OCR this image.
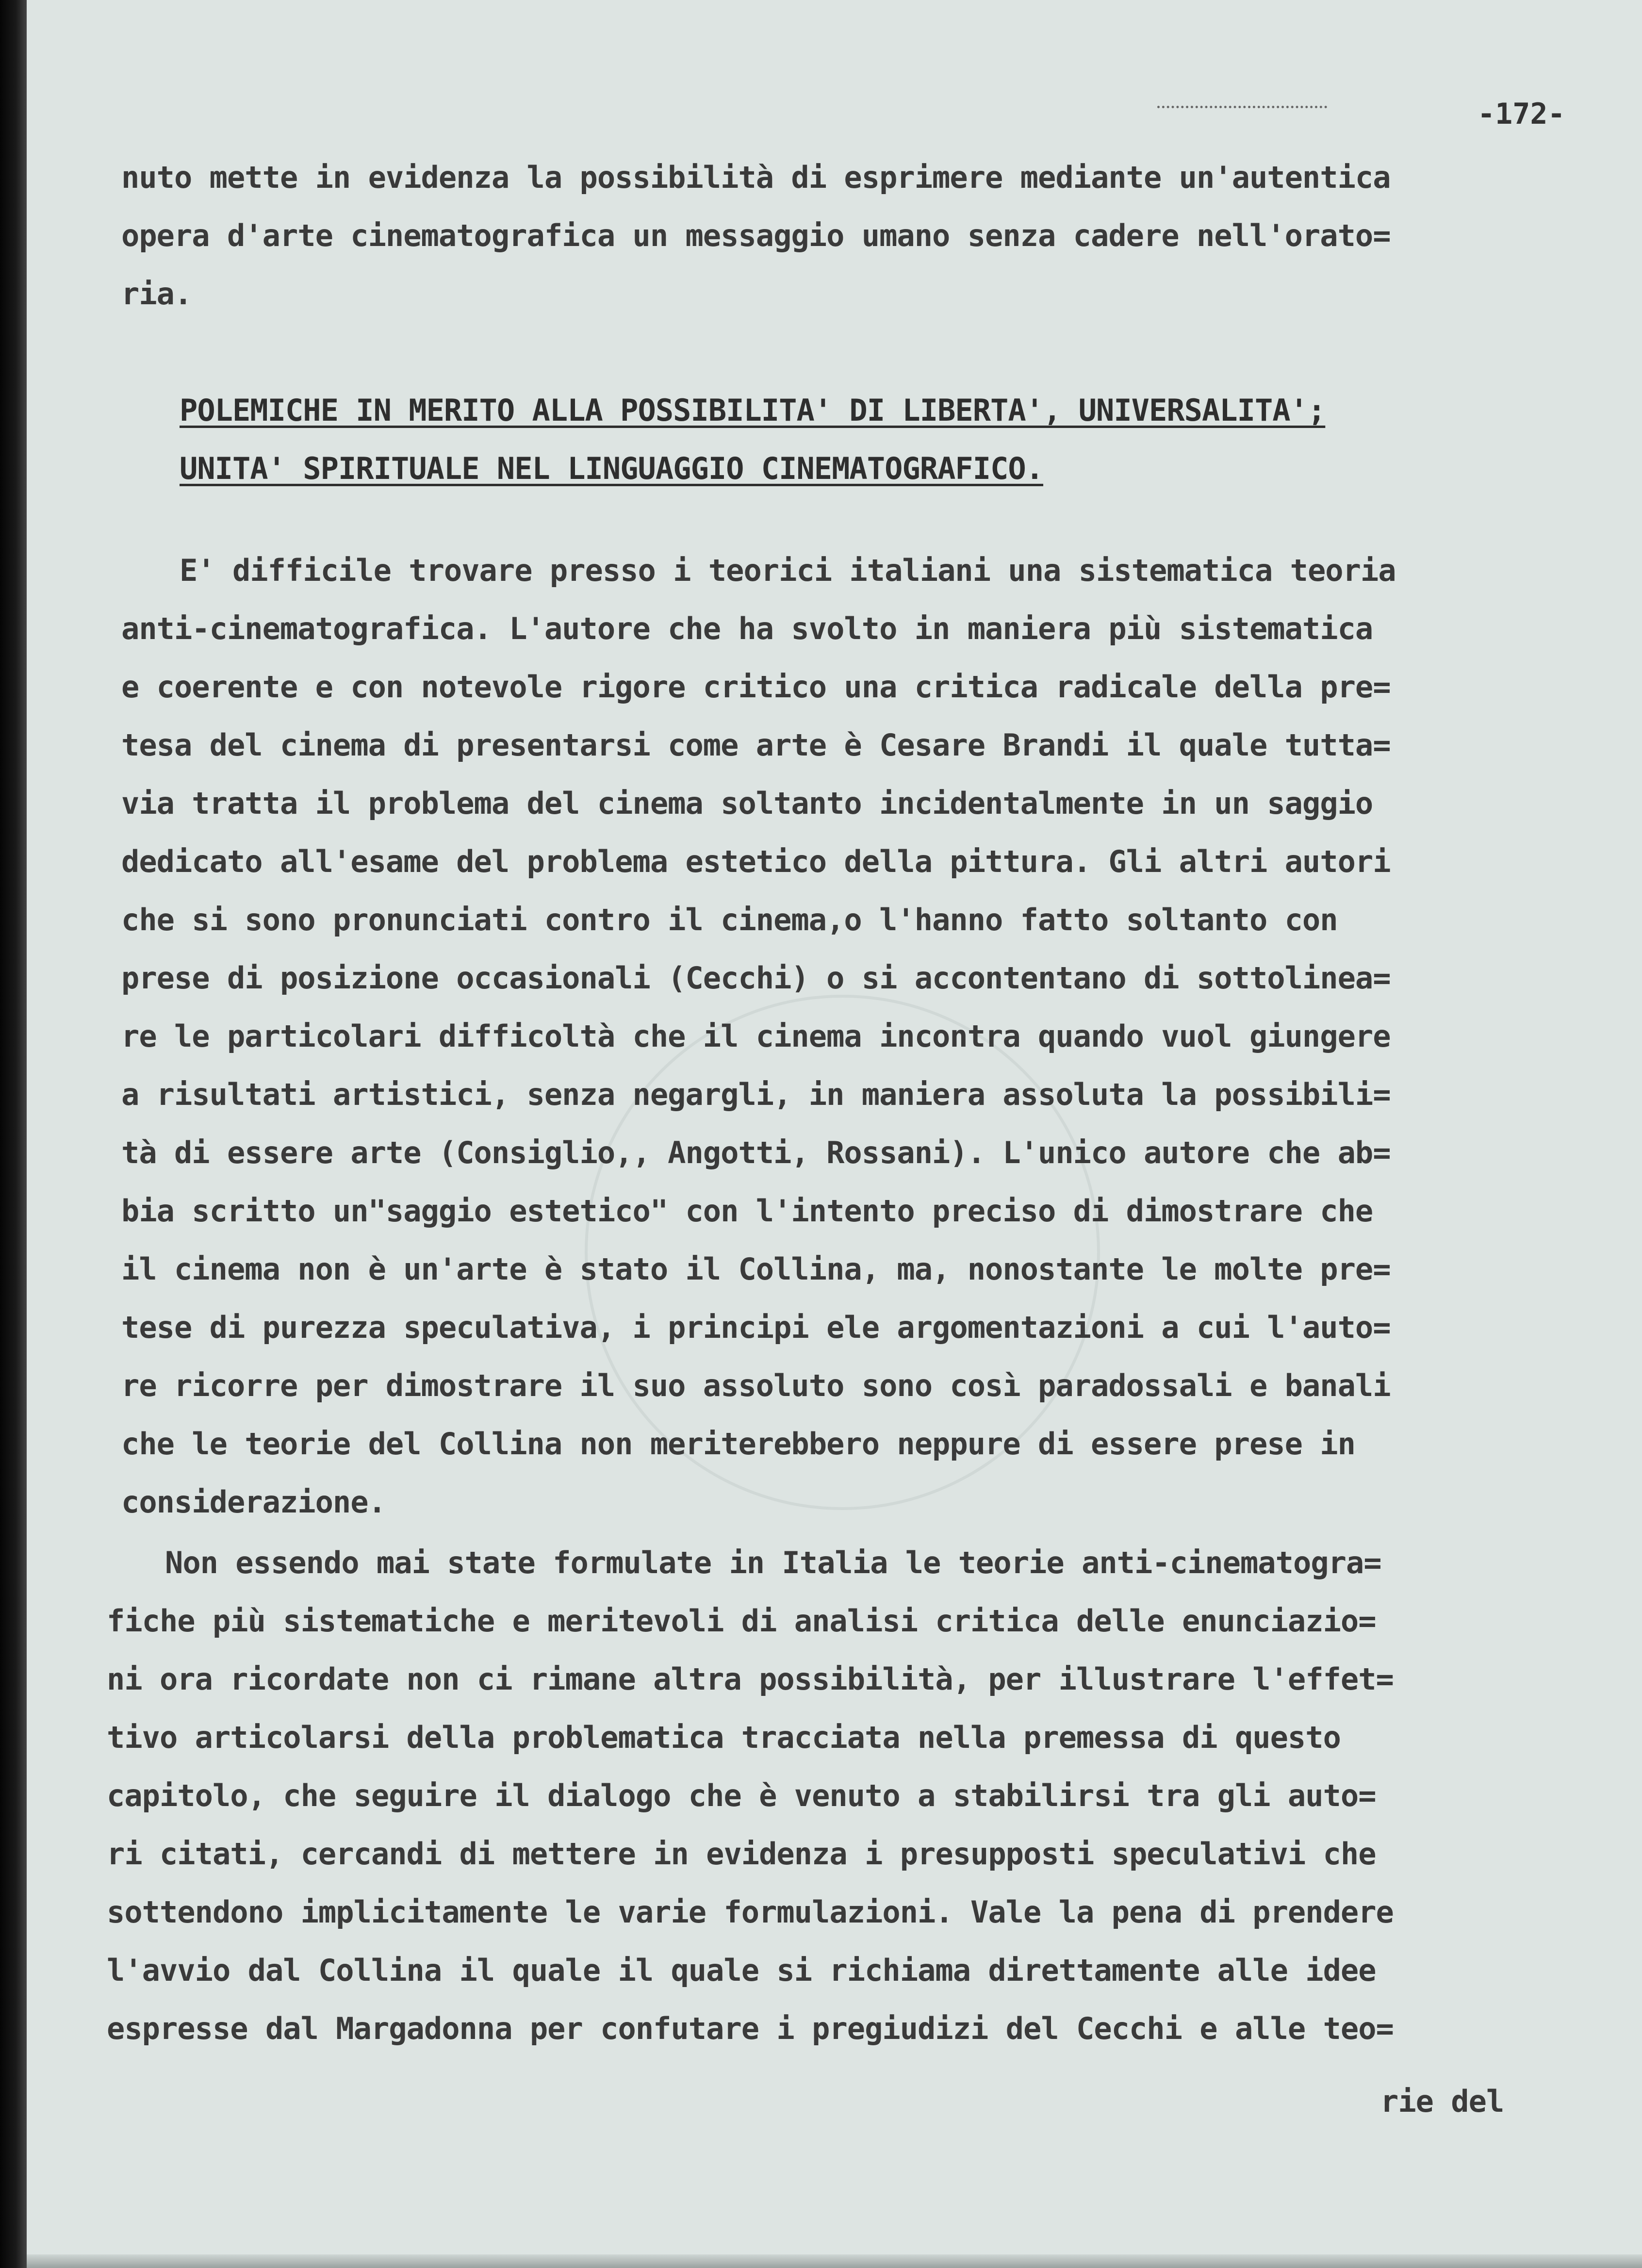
-172-

nuto mette in evidenza la possibilità di esprimere mediante un'autentica

opera d'arte cinematografica un messaggio umano senza cadere nell'orato=

ria.

POLEMICHE IN MERITO ALLA POSSIBILITA' DI LIBERTA', UNIVERSALITA';

UNITA' SPIRITUALE NEL LINGUAGGIO CINEMATOGRAFICO.

E' difficile trovare presso i teorici italiani una sistematica teoria

anti-cinematografica. L'autore che ha svolto in maniera più sistematica

e coerente e con notevole rigore critico una critica radicale della pre=

tesa del cinema di presentarsi come arte è Cesare Brandi il quale tutta=

via tratta il problema del cinema soltanto incidentalmente in un saggio

dedicato all'esame del problema estetico della pittura. Gli altri autori

che si sono pronunciati contro il cinema,o l'hanno fatto soltanto con

prese di posizione occasionali (Cecchi) o si accontentano di sottolinea=

re le particolari difficoltà che il cinema incontra quando vuol giungere

a risultati artistici, senza negargli, in maniera assoluta la possibili=

tà di essere arte (Consiglio,, Angotti, Rossani). L'unico autore che ab=

bia scritto un"saggio estetico" con l'intento preciso di dimostrare che

il cinema non è un'arte è stato il Collina, ma, nonostante le molte pre=

tese di purezza speculativa, i principi ele argomentazioni a cui l'auto=

re ricorre per dimostrare il suo assoluto sono così paradossali e banali

che le teorie del Collina non meriterebbero neppure di essere prese in

considerazione.

Non essendo mai state formulate in Italia le teorie anti-cinematogra=

fiche più sistematiche e meritevoli di analisi critica delle enunciazio=

ni ora ricordate non ci rimane altra possibilità, per illustrare l'effet=

tivo articolarsi della problematica tracciata nella premessa di questo

capitolo, che seguire il dialogo che è venuto a stabilirsi tra gli auto=

ri citati, cercandi di mettere in evidenza i presupposti speculativi che

sottendono implicitamente le varie formulazioni. Vale la pena di prendere

l'avvio dal Collina il quale il quale si richiama direttamente alle idee

espresse dal Margadonna per confutare i pregiudizi del Cecchi e alle teo=

rie del
